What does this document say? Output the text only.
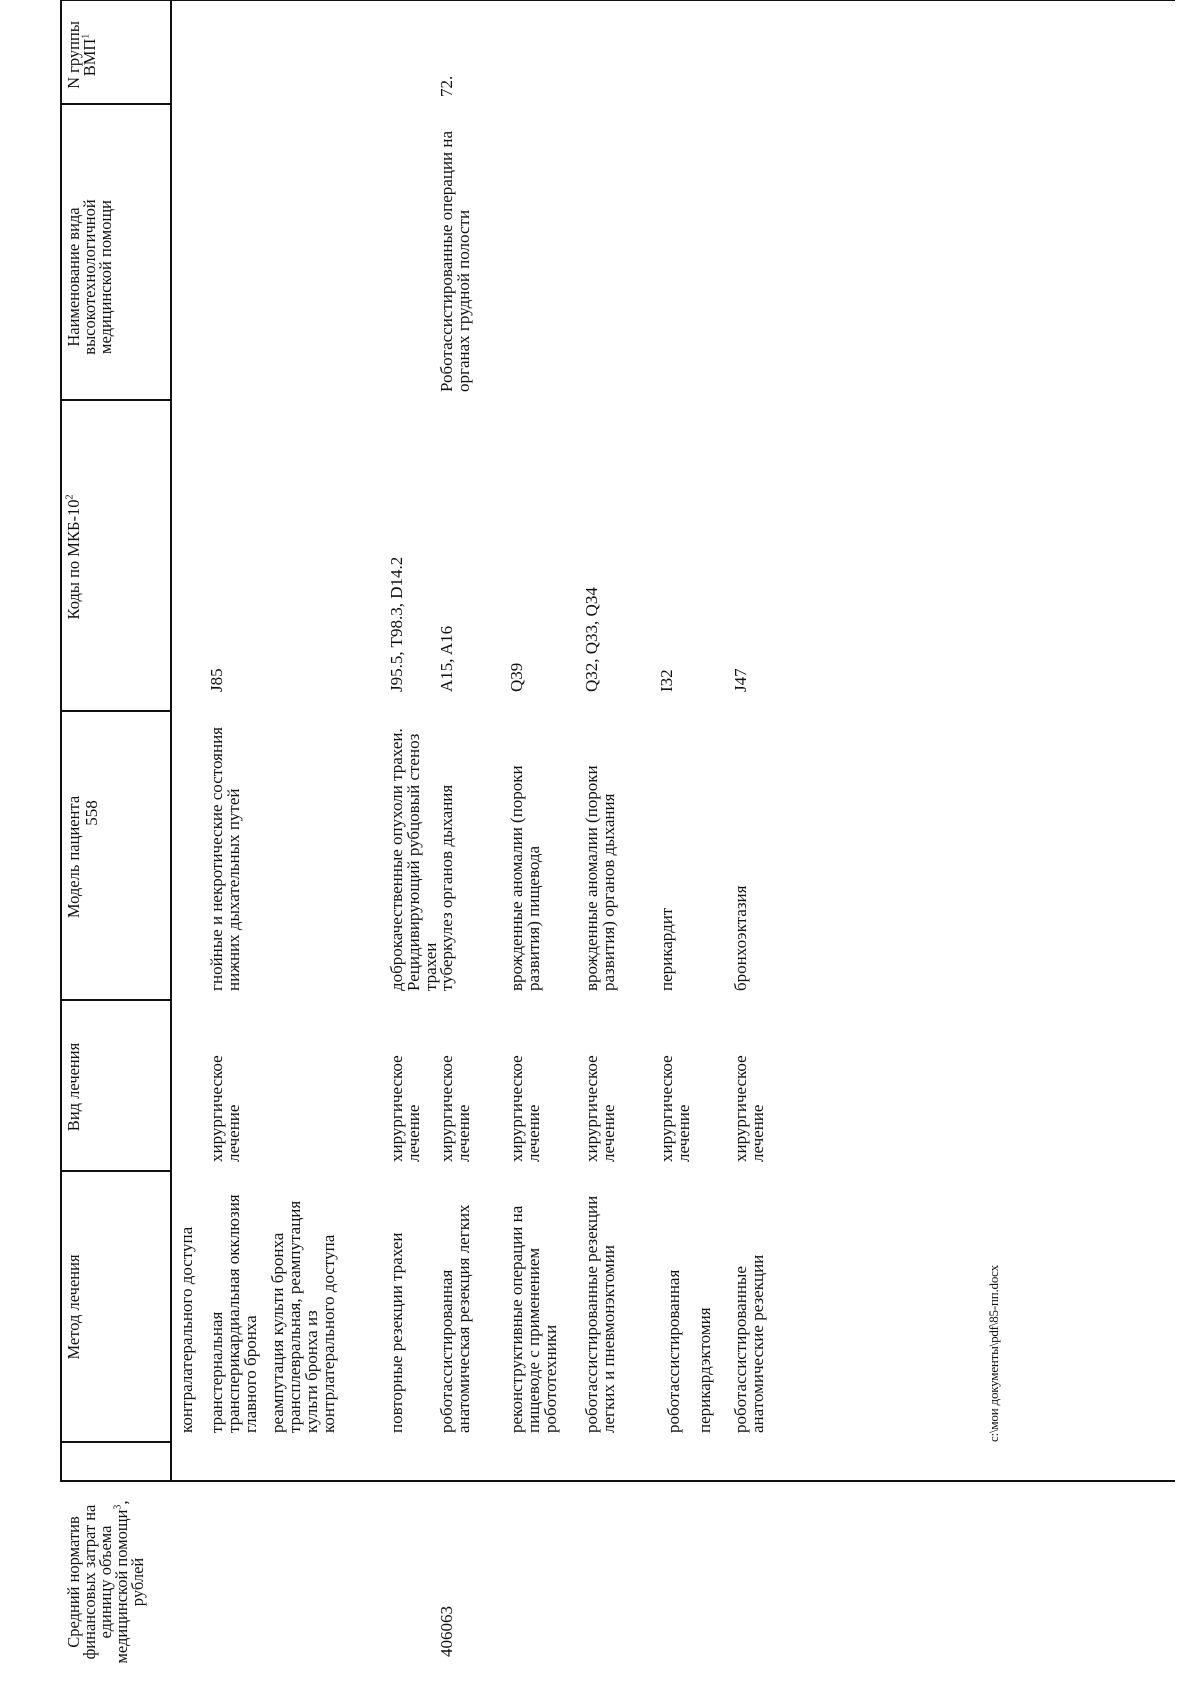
558
N группы ВМП$^1$
Наименование вида высокотехнологичной медицинской помощи
Коды по МКБ-$10^2$
Модель пациента
Вид лечения
Метод лечения
Средний норматив финансовых затрат на единицу объема медицинской помощи$^3$, рублей
контралатерального доступа
J85
гнойные и некротические состояния нижних дыхательных путей
хирургическое лечение
транстернальная трансперикардиальная окклюзия главного бронха реампутация культи бронха трансплевральная, реампутация культи бронха из контрлатерального доступа
J95.5, T98.3, D14.2
доброкачественные опухоли трахеи. Рецидивирующий рубцовый стеноз трахеи
хирургическое лечение
повторные резекции трахеи
72.
Роботассистированные операции на органах грудной полости
A15, A16
туберкулез органов дыхания
хирургическое лечение
роботассистированная анатомическая резекция легких
406063
Q39
врожденные аномалии (пороки развития) пищевода
хирургическое лечение
реконструктивные операции на пищеводе с применением робототехники
Q32, Q33, Q34
врожденные аномалии (пороки развития) органов дыхания
хирургическое лечение
роботассистированные резекции легких и пневмонэктомии
I32
перикардит
хирургическое лечение
роботассистированная перикардэктомия
J47
бронхоэктазия
хирургическое лечение
роботассистированные анатомические резекции	c:\мои документы\pdf\85-пп.docx
